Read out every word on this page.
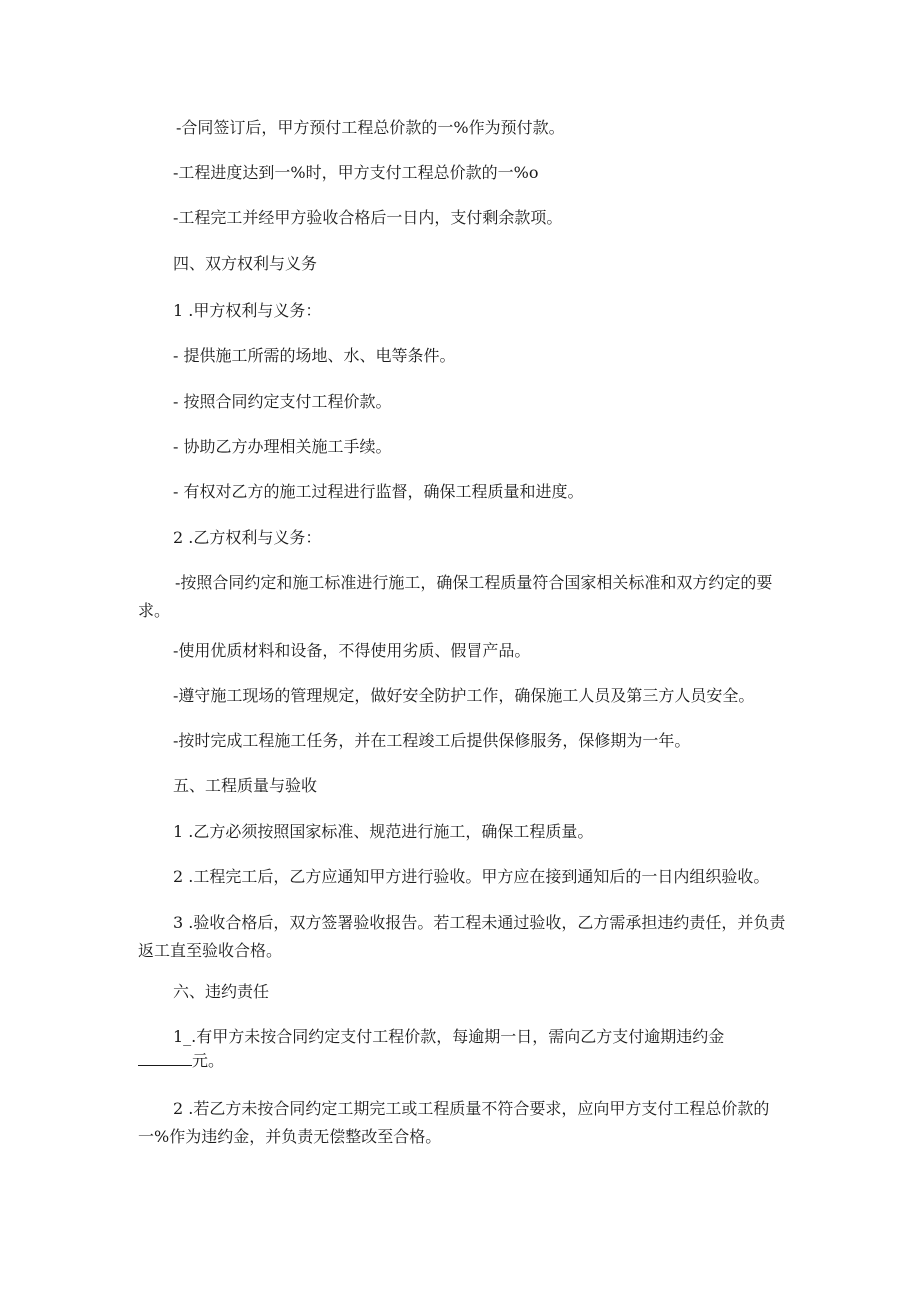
-合同签订后，甲方预付工程总价款的一%作为预付款。

-工程进度达到一%时，甲方支付工程总价款的一%o

-工程完工并经甲方验收合格后一日内，支付剩余款项。

四、双方权利与义务

1 .甲方权利与义务：

- 提供施工所需的场地、水、电等条件。

- 按照合同约定支付工程价款。

- 协助乙方办理相关施工手续。

- 有权对乙方的施工过程进行监督，确保工程质量和进度。

2 .乙方权利与义务：

-按照合同约定和施工标准进行施工，确保工程质量符合国家相关标准和双方约定的要求。

-使用优质材料和设备，不得使用劣质、假冒产品。

-遵守施工现场的管理规定，做好安全防护工作，确保施工人员及第三方人员安全。

-按时完成工程施工任务，并在工程竣工后提供保修服务，保修期为一年。

五、工程质量与验收

1 .乙方必须按照国家标准、规范进行施工，确保工程质量。

2 .工程完工后，乙方应通知甲方进行验收。甲方应在接到通知后的一日内组织验收。

3 .验收合格后，双方签署验收报告。若工程未通过验收，乙方需承担违约责任，并负责返工直至验收合格。

六、违约责任

1_.有甲方未按合同约定支付工程价款，每逾期一日，需向乙方支付逾期违约金

元。

2 .若乙方未按合同约定工期完工或工程质量不符合要求，应向甲方支付工程总价款的一%作为违约金，并负责无偿整改至合格。
